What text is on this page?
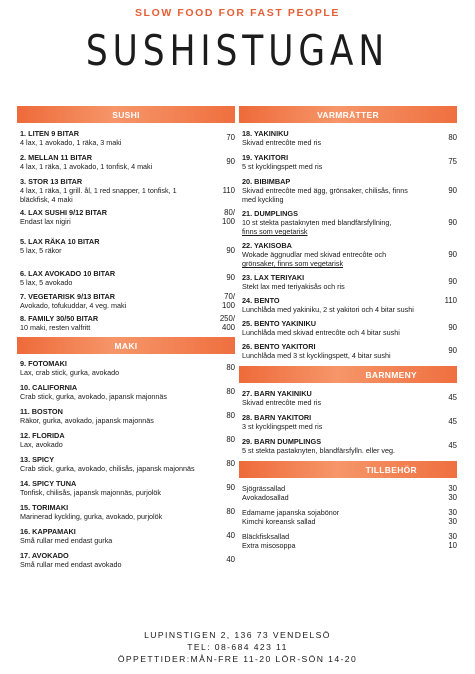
SLOW FOOD FOR FAST PEOPLE
SUSHISTUGAN
SUSHI
1. LITEN 9 BITAR
4 lax, 1 avokado, 1 räka, 3 maki
70
2. MELLAN 11 BITAR
4 lax, 1 räka, 1 avokado, 1 tonfisk, 4 maki
90
3. STOR 13 BITAR
4 lax, 1 räka, 1 grill. ål, 1 red snapper, 1 tonfisk, 1
bläckfisk, 4 maki
110
4. LAX SUSHI 9/12 BITAR
Endast lax nigiri
80/
100
5. LAX RÄKA 10 BITAR
5 lax, 5 räkor	90
6. LAX AVOKADO 10 BITAR
5 lax, 5 avokado
90
7. VEGETARISK 9/13 BITAR
Avokado, tofukuddar, 4 veg. maki
70/
100
8. FAMILY 30/50 BITAR
10 maki, resten valfritt
250/
400
MAKI
9. FOTOMAKI
Lax, crab stick, gurka, avokado
80
10. CALIFORNIA
Crab stick, gurka, avokado, japansk majonnäs
80
11. BOSTON
Räkor, gurka, avokado, japansk majonnäs
80
12. FLORIDA
Lax, avokado
80
13. SPICY
Crab stick, gurka, avokado, chilisås, japansk majonnäs
80
14. SPICY TUNA
Tonfisk, chilisås, japansk majonnäs, purjolök
90
15. TORIMAKI
Marinerad kyckling, gurka, avokado, purjolök
80
16. KAPPAMAKI
Små rullar med endast gurka
40
17. AVOKADO
Små rullar med endast avokado
40
VARMRÄTTER
18. YAKINIKU
Skivad entrecôte med ris
80
19. YAKITORI
5 st kycklingspett med ris
75
20. BIBIMBAP
Skivad entrecôte med ägg, grönsaker, chilisås, finns
med kyckling
90
21. DUMPLINGS
10 st stekta pastaknyten med blandfärsfyllning,
finns som vegetarisk
90
22. YAKISOBA
Wokade äggnudlar med skivad entrecôte och
grönsaker, finns som vegetarisk
90
23. LAX TERIYAKI
Stekt lax med teriyakisås och ris
90
24. BENTO
Lunchlåda med yakiniku, 2 st yakitori och 4 bitar sushi
110
25. BENTO YAKINIKU
Lunchlåda med skivad entrecôte och 4 bitar sushi
90
26. BENTO YAKITORI
Lunchlåda med 3 st kycklingspett, 4 bitar sushi
90
BARNMENY
27. BARN YAKINIKU
Skivad entrecôte med ris
45
28. BARN YAKITORI
3 st kycklingspett med ris
45
29. BARN DUMPLINGS
5 st stekta pastaknyten, blandfärsfylln. eller veg.
45
TILLBEHÖR
Sjögrässallad	30
Avokadosallad	30
Edamame japanska sojabönor	30
Kimchi koreansk sallad	30
Bläckfisksallad	30
Extra misosoppa	10
LUPINSTIGEN 2, 136 73 VENDELSÖ
TEL: 08-684 423 11
ÖPPETTIDER:MÅN-FRE 11-20 LÖR-SÖN 14-20
